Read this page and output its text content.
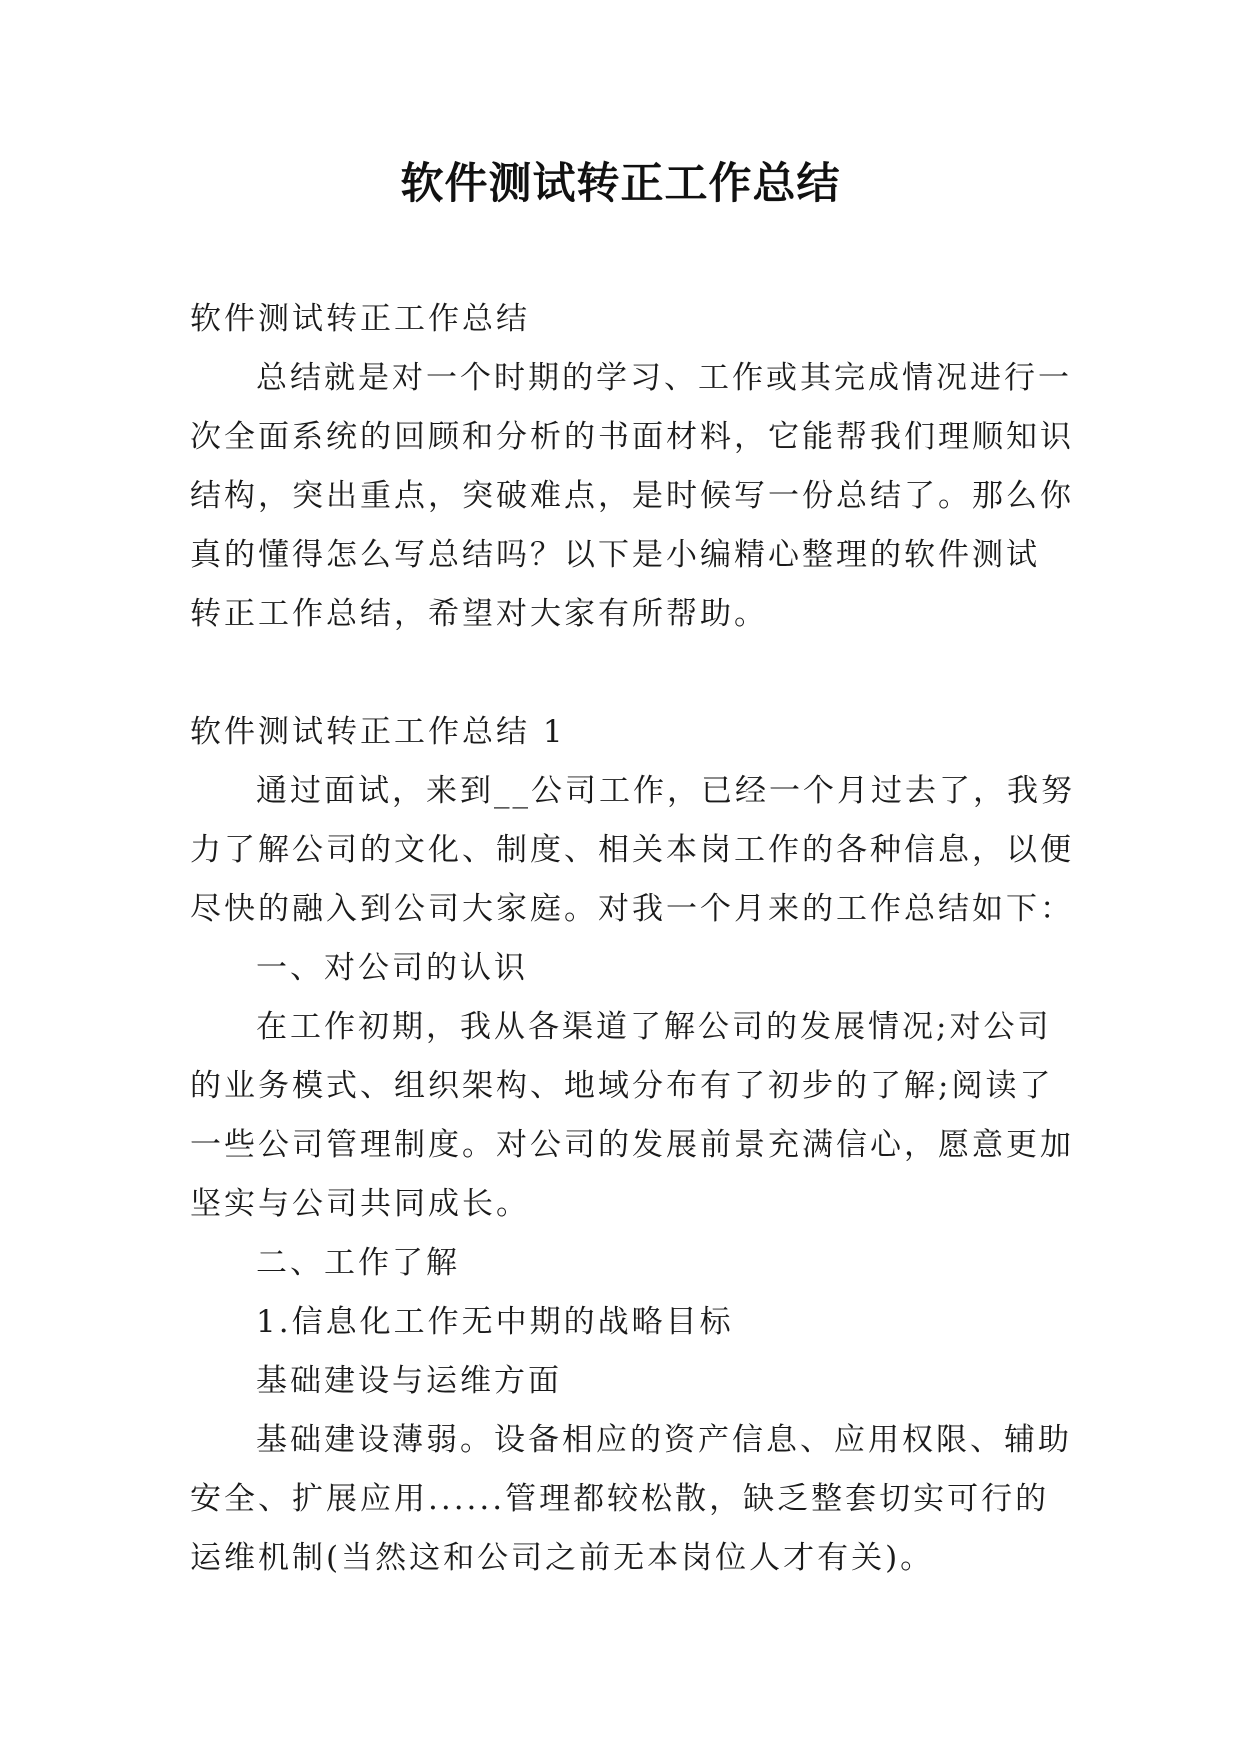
软件测试转正工作总结

软件测试转正工作总结

总结就是对一个时期的学习、工作或其完成情况进行一

次全面系统的回顾和分析的书面材料，它能帮我们理顺知识

结构，突出重点，突破难点，是时候写一份总结了。那么你

真的懂得怎么写总结吗？以下是小编精心整理的软件测试

转正工作总结，希望对大家有所帮助。

软件测试转正工作总结 1

通过面试，来到__公司工作，已经一个月过去了，我努

力了解公司的文化、制度、相关本岗工作的各种信息，以便

尽快的融入到公司大家庭。对我一个月来的工作总结如下：

一、对公司的认识

在工作初期，我从各渠道了解公司的发展情况;对公司

的业务模式、组织架构、地域分布有了初步的了解;阅读了

一些公司管理制度。对公司的发展前景充满信心，愿意更加

坚实与公司共同成长。

二、工作了解

1.信息化工作无中期的战略目标

基础建设与运维方面

基础建设薄弱。设备相应的资产信息、应用权限、辅助

安全、扩展应用......管理都较松散，缺乏整套切实可行的

运维机制(当然这和公司之前无本岗位人才有关)。
